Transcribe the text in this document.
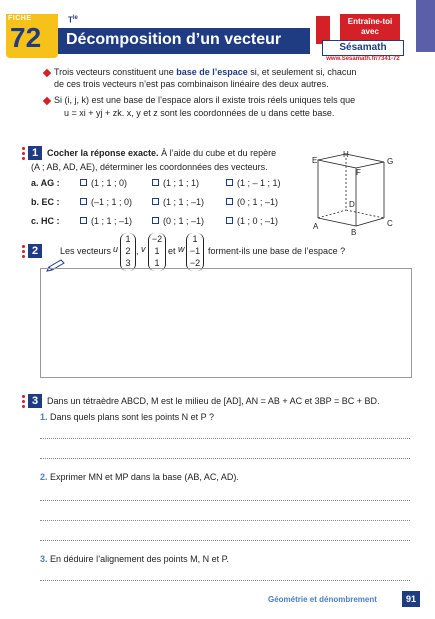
FICHE
72
$T^{le}$
Décomposition d’un vecteur
Entraîne-toi avec
Sésamath
www.Sesamath.fr/7341-72
Trois vecteurs constituent une base de l’espace si, et seulement si, chacun
de ces trois vecteurs n’est pas combinaison linéaire des deux autres.
Si (i, j, k) est une base de l’espace alors il existe trois réels uniques tels que
u = xi + yj + zk. x, y et z sont les coordonnées de u dans cette base.
1 Cocher la réponse exacte. À l’aide du cube et du repère
(A ; AB, AD, AE), déterminer les coordonnées des vecteurs.
a. AG :	(1 ; 1 ; 0)	(1 ; 1 ; 1)	(1 ; – 1 ; 1)
b. EC :	(–1 ; 1 ; 0)	(1 ; 1 ; –1)	(0 ; 1 ; –1)
c. HC :	(1 ; 1 ; –1)	(0 ; 1 ; –1)	(1 ; 0 ; –1)
E
H
G
F
D
A
B
C
2	Les vecteurs u
1
2
3
, v
−2
1
1
et w
1
−1
−2
forment-ils une base de l’espace ?
3 Dans un tétraèdre ABCD, M est le milieu de [AD], AN = AB + AC et 3BP = BC + BD.
1. Dans quels plans sont les points N et P ?
2. Exprimer MN et MP dans la base (AB, AC, AD).
3. En déduire l’alignement des points M, N et P.
Géométrie et dénombrement	91
